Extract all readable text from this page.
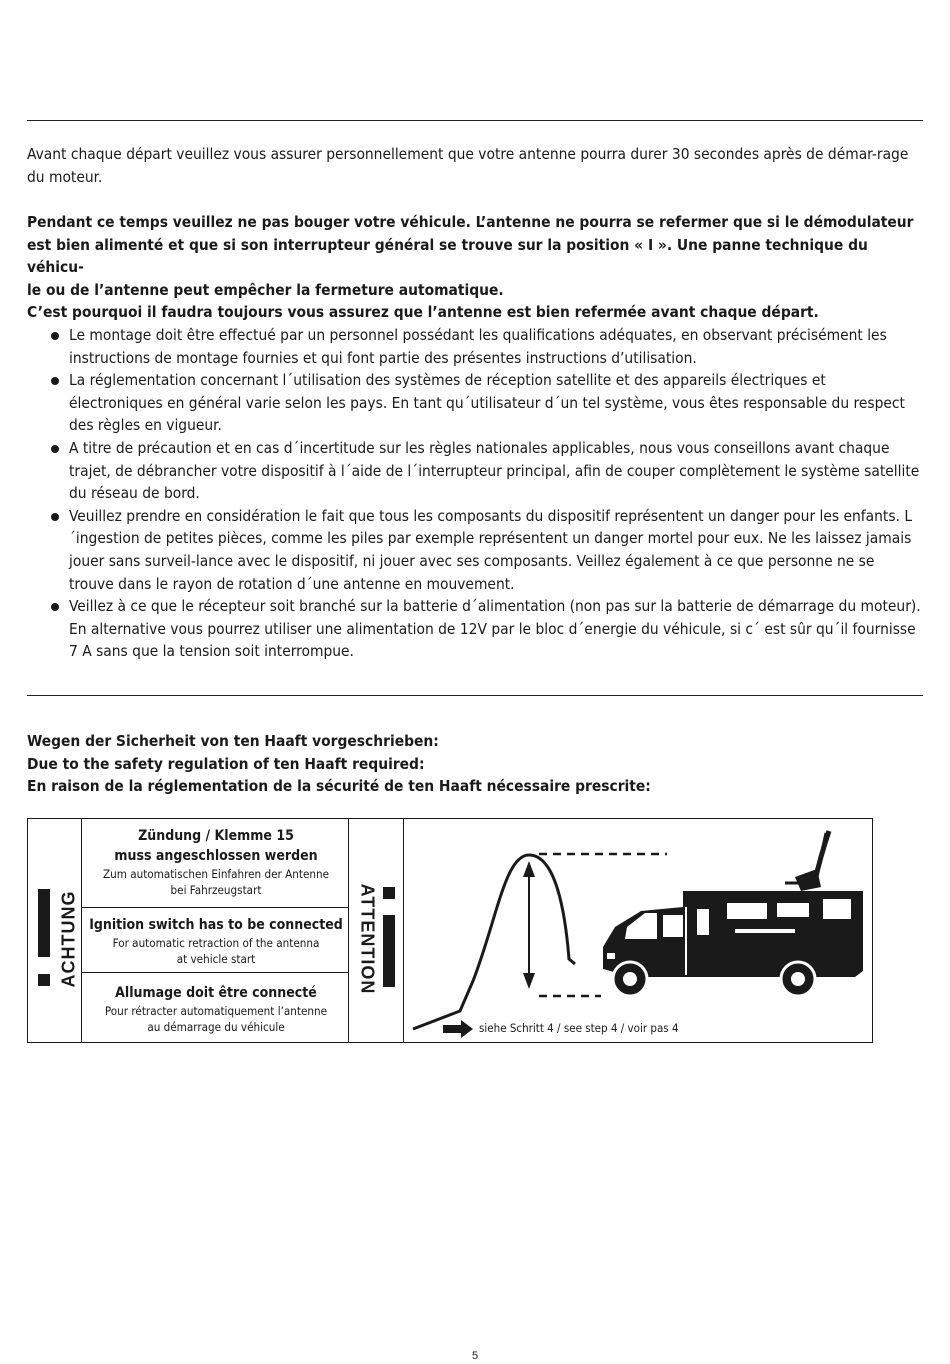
Avant chaque départ veuillez vous assurer personnellement que votre antenne pourra durer 30 secondes après de démar-rage du moteur.

Pendant ce temps veuillez ne pas bouger votre véhicule. L’antenne ne pourra se refermer que si le démodulateur
est bien alimenté et que si son interrupteur général se trouve sur la position « I ». Une panne technique du véhicu-
le ou de l’antenne peut empêcher la fermeture automatique.
C’est pourquoi il faudra toujours vous assurez que l’antenne est bien refermée avant chaque départ.
Le montage doit être effectué par un personnel possédant les qualifications adéquates, en observant précisément les instructions de montage fournies et qui font partie des présentes instructions d’utilisation.
La réglementation concernant l´utilisation des systèmes de réception satellite et des appareils électriques et électroniques en général varie selon les pays. En tant qu´utilisateur d´un tel système, vous êtes responsable du respect des règles en vigueur.
A titre de précaution et en cas d´incertitude sur les règles nationales applicables, nous vous conseillons avant chaque trajet, de débrancher votre dispositif à l´aide de l´interrupteur principal, afin de couper complètement le système satellite du réseau de bord.
Veuillez prendre en considération le fait que tous les composants du dispositif représentent un danger pour les enfants. L´ingestion de petites pièces, comme les piles par exemple représentent un danger mortel pour eux. Ne les laissez jamais jouer sans surveil-lance avec le dispositif, ni jouer avec ses composants. Veillez également à ce que personne ne se trouve dans le rayon de rotation d´une antenne en mouvement.
Veillez à ce que le récepteur soit branché sur la batterie d´alimentation (non pas sur la batterie de démarrage du moteur). En alternative vous pourrez utiliser une alimentation de 12V par le bloc d´energie du véhicule, si c´ est sûr qu´il fournisse 7 A sans que la tension soit interrompue.
Wegen der Sicherheit von ten Haaft vorgeschrieben:
Due to the safety regulation of ten Haaft required:
En raison de la réglementation de la sécurité de ten Haaft nécessaire prescrite:
ACHTUNG
Zündung / Klemme 15
muss angeschlossen werden
Zum automatischen Einfahren der Antenne
bei Fahrzeugstart
Ignition switch has to be connected
For automatic retraction of the antenna
at vehicle start
Allumage doit être connecté
Pour rétracter automatiquement l’antenne
au démarrage du véhicule
ATTENTION
siehe Schritt 4 / see step 4 / voir pas 4
5
